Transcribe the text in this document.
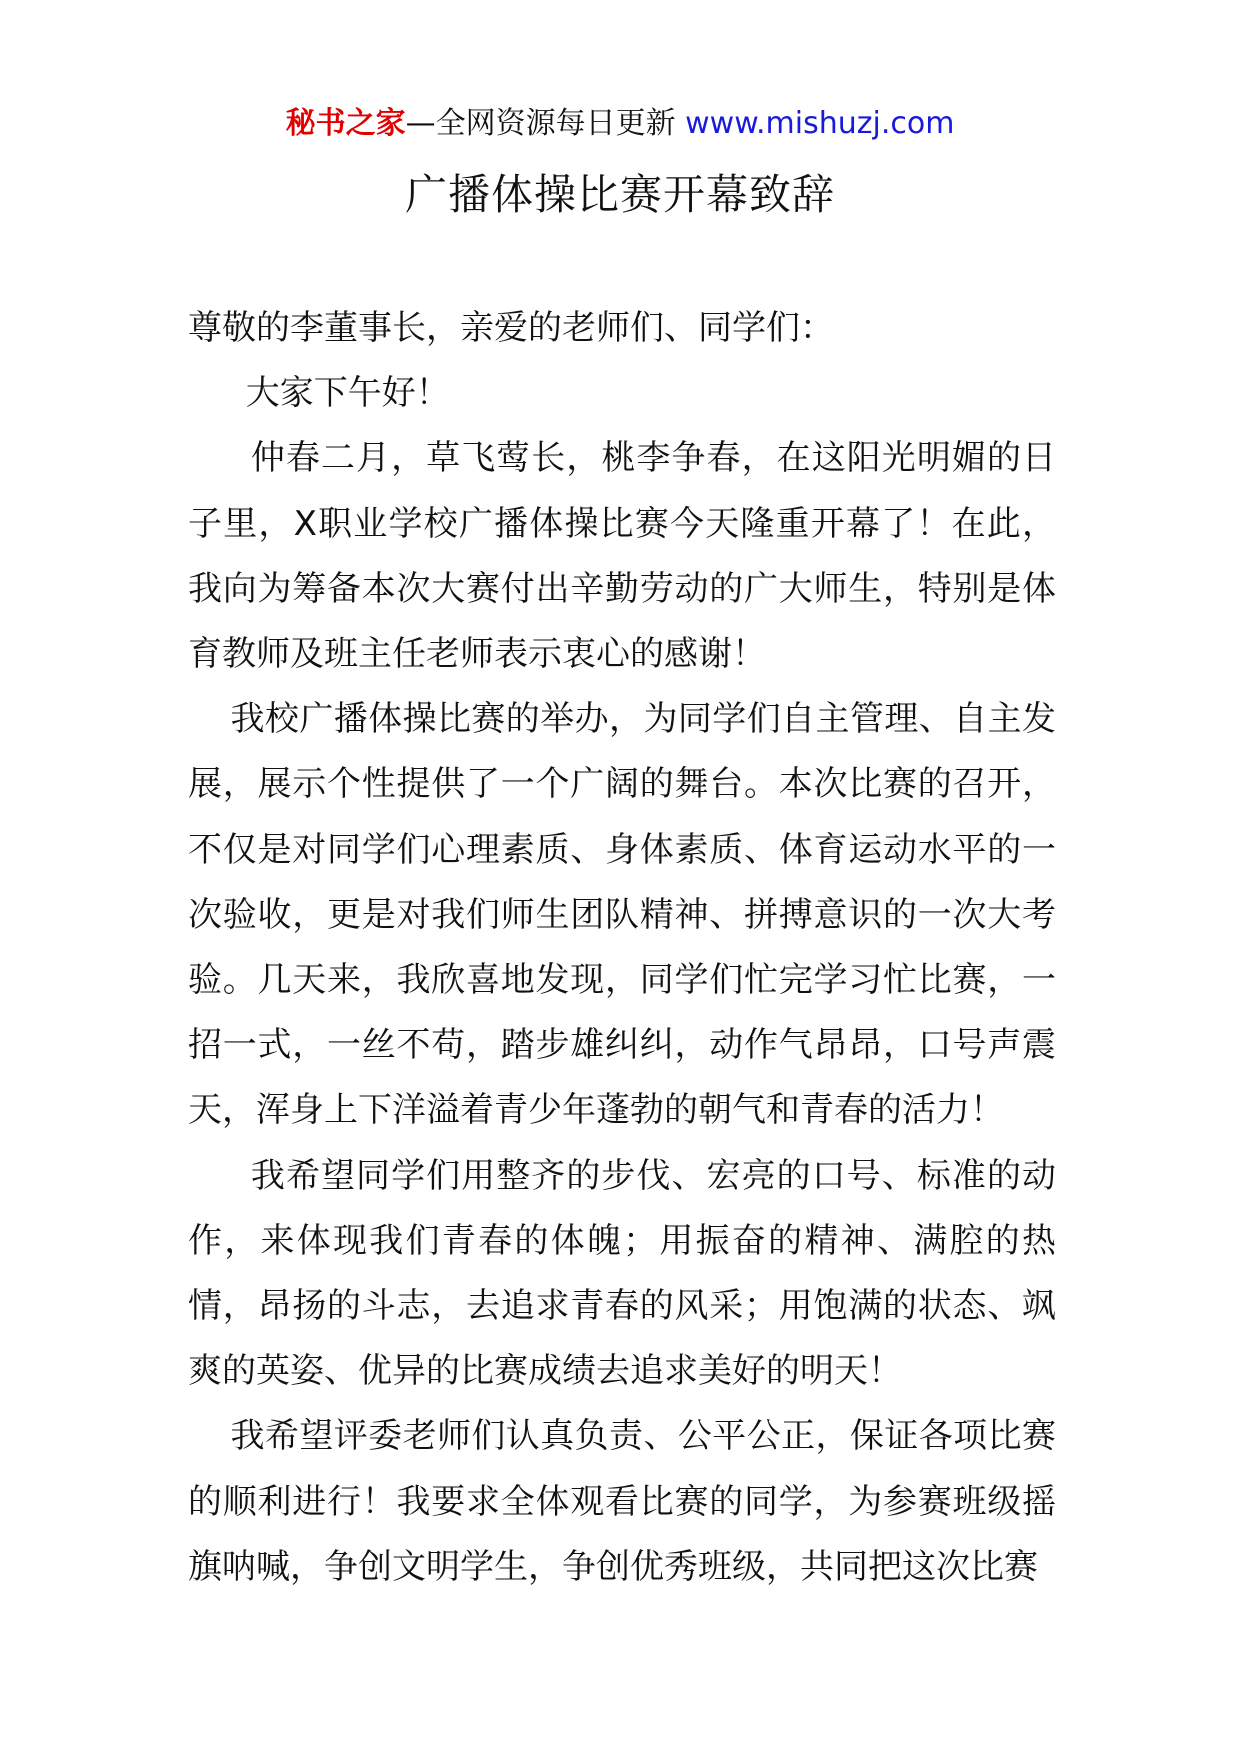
秘书之家—全网资源每日更新 www.mishuzj.com
广播体操比赛开幕致辞

尊敬的李董事长，亲爱的老师们、同学们：

大家下午好！

仲春二月，草飞莺长，桃李争春，在这阳光明媚的日子里，X职业学校广播体操比赛今天隆重开幕了！在此，我向为筹备本次大赛付出辛勤劳动的广大师生，特别是体育教师及班主任老师表示衷心的感谢！

我校广播体操比赛的举办，为同学们自主管理、自主发展，展示个性提供了一个广阔的舞台。本次比赛的召开，不仅是对同学们心理素质、身体素质、体育运动水平的一次验收，更是对我们师生团队精神、拼搏意识的一次大考验。几天来，我欣喜地发现，同学们忙完学习忙比赛，一招一式，一丝不苟，踏步雄纠纠，动作气昂昂，口号声震天，浑身上下洋溢着青少年蓬勃的朝气和青春的活力！

我希望同学们用整齐的步伐、宏亮的口号、标准的动作，来体现我们青春的体魄；用振奋的精神、满腔的热情，昂扬的斗志，去追求青春的风采；用饱满的状态、飒爽的英姿、优异的比赛成绩去追求美好的明天！

我希望评委老师们认真负责、公平公正，保证各项比赛的顺利进行！我要求全体观看比赛的同学，为参赛班级摇旗呐喊，争创文明学生，争创优秀班级，共同把这次比赛
